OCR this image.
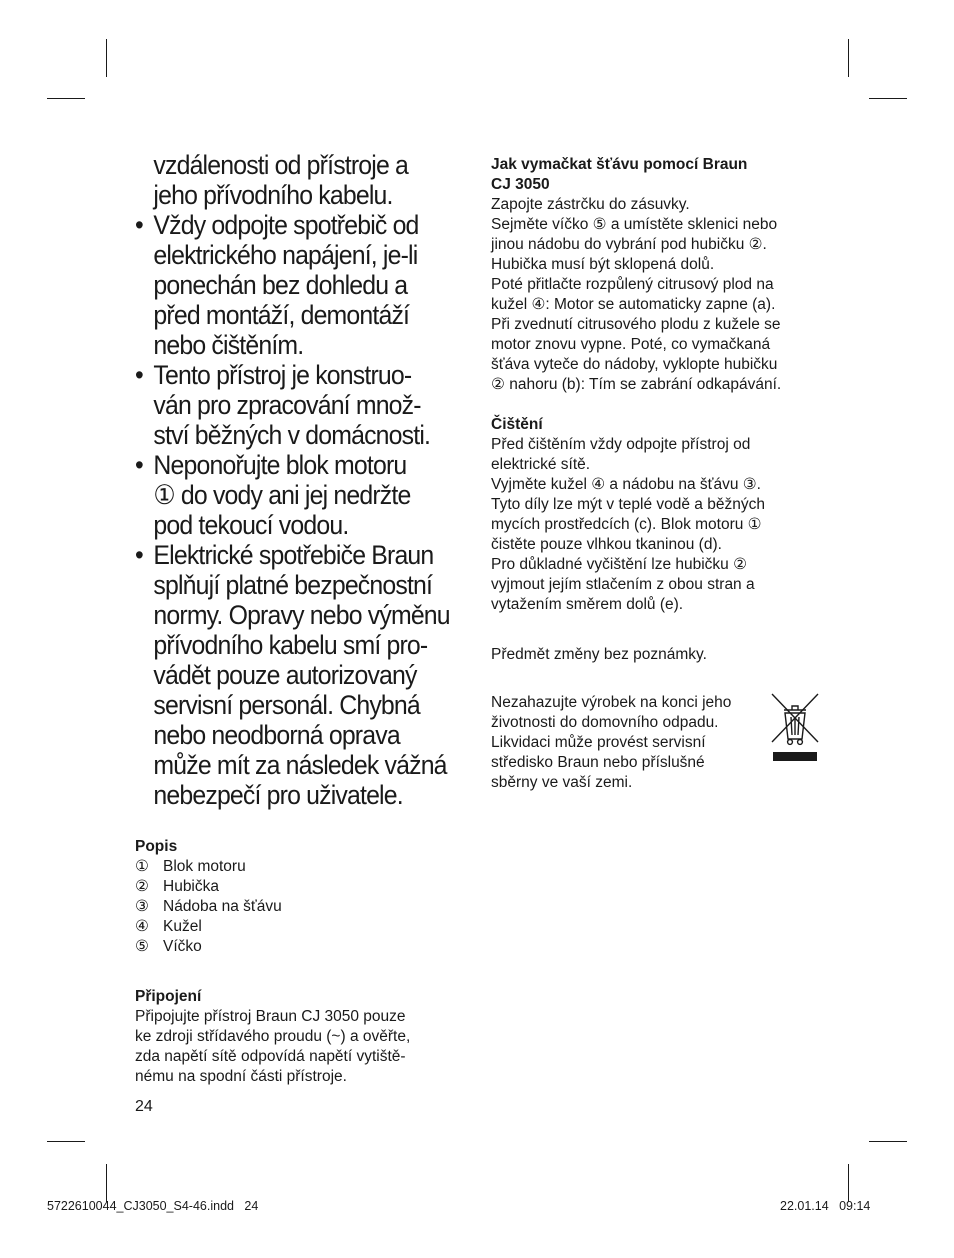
vzdálenosti od přístroje a
jeho přívodního kabelu.
• Vždy odpojte spotřebič od
elektrického napájení, je-li
ponechán bez dohledu a
před montáží, demontáží
nebo čištěním.
• Tento přístroj je konstruo-
ván pro zpracování množ-
ství běžných v domácnosti.
• Neponořujte blok motoru
① do vody ani jej nedržte
pod tekoucí vodou.
• Elektrické spotřebiče Braun
splňují platné bezpečnostní
normy. Opravy nebo výměnu
přívodního kabelu smí pro-
vádět pouze autorizovaný
servisní personál. Chybná
nebo neodborná oprava
může mít za následek vážná
nebezpečí pro uživatele.
Popis
① Blok motoru
② Hubička
③ Nádoba na šťávu
④ Kužel
⑤ Víčko
Připojení
Připojujte přístroj Braun CJ 3050 pouze
ke zdroji střídavého proudu (~) a ověřte,
zda napětí sítě odpovídá napětí vytiště-
nému na spodní části přístroje.
Jak vymačkat šťávu pomocí Braun
CJ 3050
Zapojte zástrčku do zásuvky.
Sejměte víčko ⑤ a umístěte sklenici nebo
jinou nádobu do vybrání pod hubičku ②.
Hubička musí být sklopená dolů.
Poté přitlačte rozpůlený citrusový plod na
kužel ④: Motor se automaticky zapne (a).
Při zvednutí citrusového plodu z kužele se
motor znovu vypne. Poté, co vymačkaná
šťáva vyteče do nádoby, vyklopte hubičku
② nahoru (b): Tím se zabrání odkapávání.
Čištění
Před čištěním vždy odpojte přístroj od
elektrické sítě.
Vyjměte kužel ④ a nádobu na šťávu ③.
Tyto díly lze mýt v teplé vodě a běžných
mycích prostředcích (c). Blok motoru ①
čistěte pouze vlhkou tkaninou (d).
Pro důkladné vyčištění lze hubičku ②
vyjmout jejím stlačením z obou stran a
vytažením směrem dolů (e).
Předmět změny bez poznámky.
Nezahazujte výrobek na konci jeho
životnosti do domovního odpadu.
Likvidaci může provést servisní
středisko Braun nebo příslušné
sběrny ve vaší zemi.
24
5722610044_CJ3050_S4-46.indd   24	22.01.14   09:14
